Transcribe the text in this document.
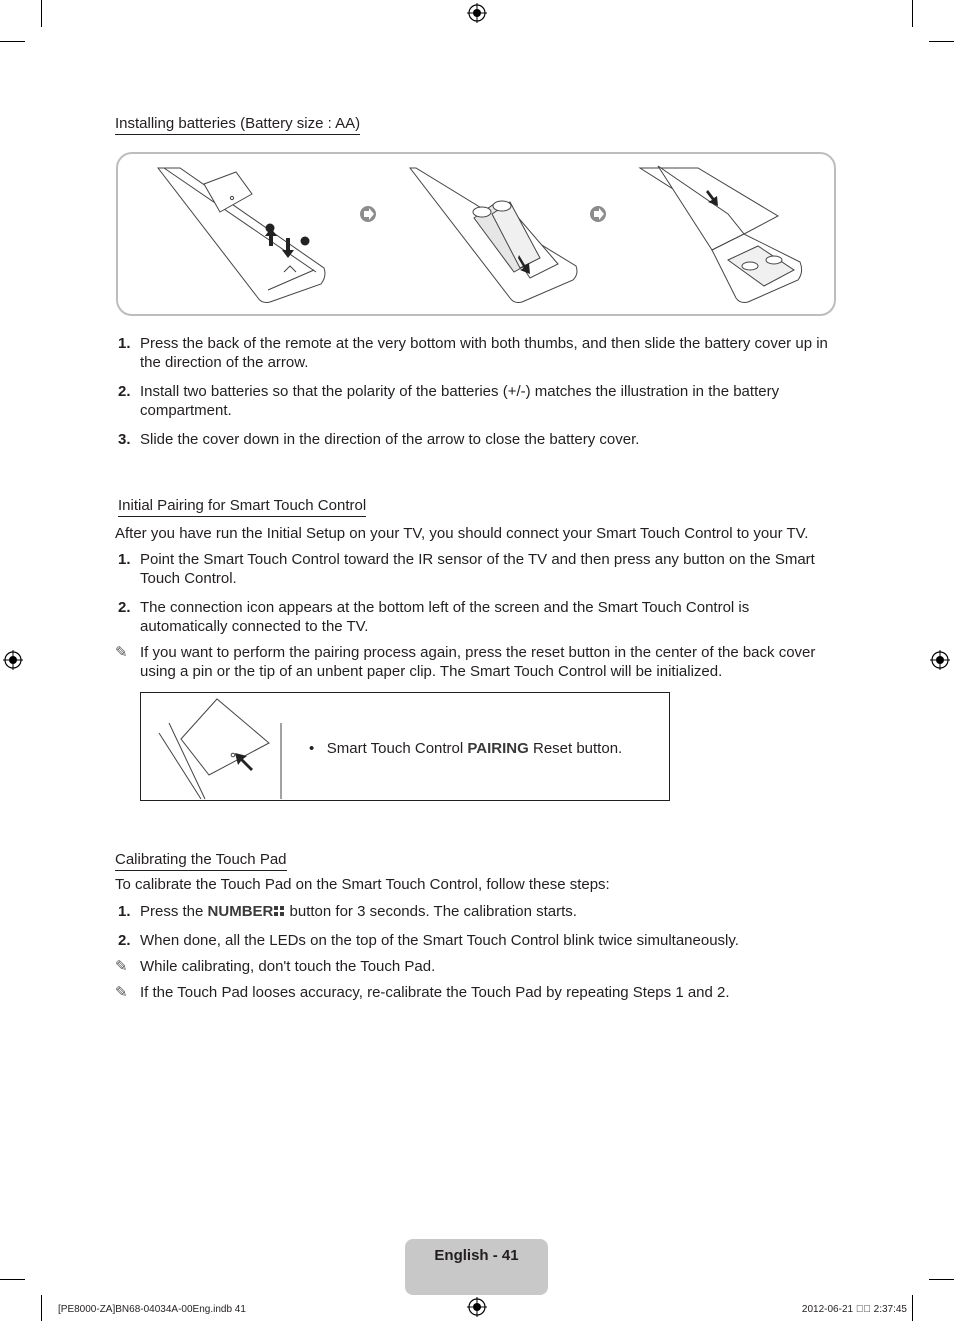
Installing batteries (Battery size : AA)
1. Press the back of the remote at the very bottom with both thumbs, and then slide the battery cover up in the direction of the arrow.
2. Install two batteries so that the polarity of the batteries (+/-) matches the illustration in the battery compartment.
3. Slide the cover down in the direction of the arrow to close the battery cover.
Initial Pairing for Smart Touch Control
After you have run the Initial Setup on your TV, you should connect your Smart Touch Control to your TV.
1. Point the Smart Touch Control toward the IR sensor of the TV and then press any button on the Smart Touch Control.
2. The connection icon appears at the bottom left of the screen and the Smart Touch Control is automatically connected to the TV.
✎ If you want to perform the pairing process again, press the reset button in the center of the back cover using a pin or the tip of an unbent paper clip. The Smart Touch Control will be initialized.
• Smart Touch Control PAIRING Reset button.
Calibrating the Touch Pad
To calibrate the Touch Pad on the Smart Touch Control, follow these steps:
1. Press the NUMBER button for 3 seconds. The calibration starts.
2. When done, all the LEDs on the top of the Smart Touch Control blink twice simultaneously.
✎ While calibrating, don't touch the Touch Pad.
✎ If the Touch Pad looses accuracy, re-calibrate the Touch Pad by repeating Steps 1 and 2.
English - 41
[PE8000-ZA]BN68-04034A-00Eng.indb 41	2012-06-21 ￿￿ 2:37:45
